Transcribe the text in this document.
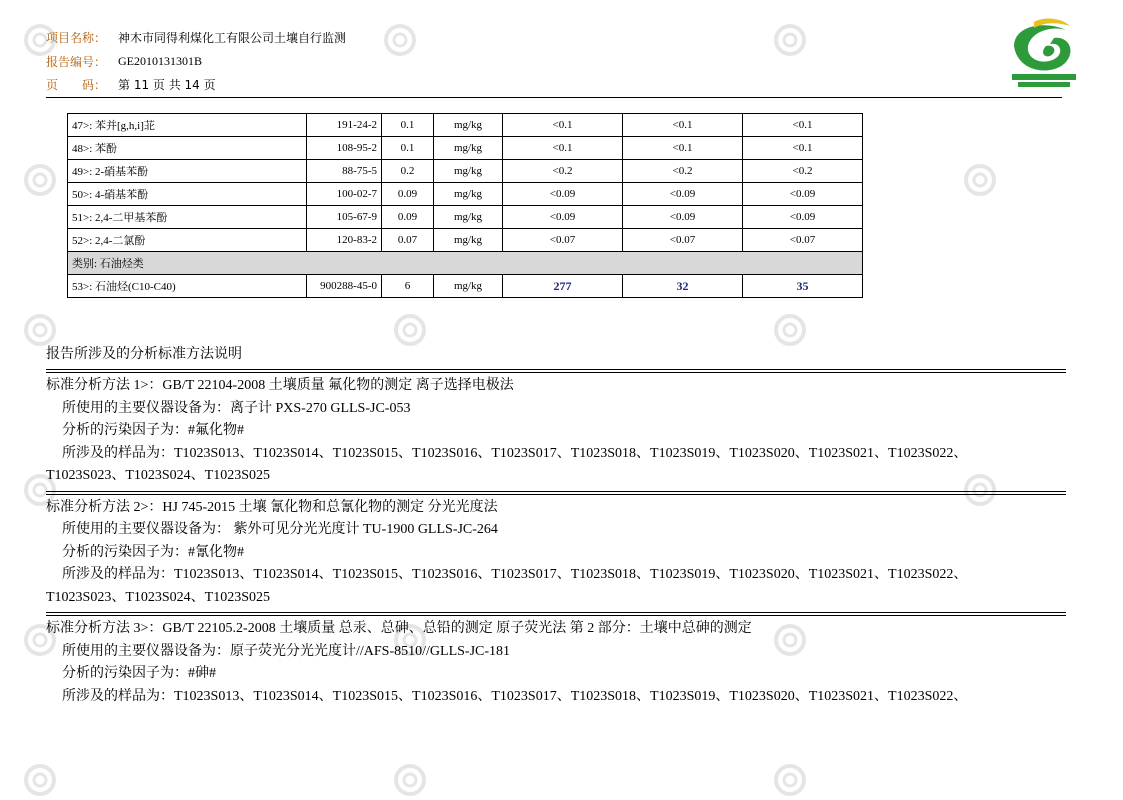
项目名称： 神木市同得利煤化工有限公司土壤自行监测
报告编号： GE2010131301B
页　　码： 第 11 页 共 14 页
47>: 苯并[g,h,i]苝	191-24-2	0.1	mg/kg	<0.1	<0.1	<0.1
48>: 苯酚	108-95-2	0.1	mg/kg	<0.1	<0.1	<0.1
49>: 2-硝基苯酚	88-75-5	0.2	mg/kg	<0.2	<0.2	<0.2
50>: 4-硝基苯酚	100-02-7	0.09	mg/kg	<0.09	<0.09	<0.09
51>: 2,4-二甲基苯酚	105-67-9	0.09	mg/kg	<0.09	<0.09	<0.09
52>: 2,4-二氯酚	120-83-2	0.07	mg/kg	<0.07	<0.07	<0.07
类别: 石油烃类						
53>: 石油烃(C10-C40)	900288-45-0	6	mg/kg	277	32	35
报告所涉及的分析标准方法说明
标准分析方法 1>：GB/T 22104-2008 土壤质量 氟化物的测定 离子选择电极法
所使用的主要仪器设备为：离子计 PXS-270 GLLS-JC-053
分析的污染因子为：#氟化物#
所涉及的样品为：T1023S013、T1023S014、T1023S015、T1023S016、T1023S017、T1023S018、T1023S019、T1023S020、T1023S021、T1023S022、
T1023S023、T1023S024、T1023S025
标准分析方法 2>：HJ 745-2015 土壤 氰化物和总氰化物的测定 分光光度法
所使用的主要仪器设备为： 紫外可见分光光度计 TU-1900 GLLS-JC-264
分析的污染因子为：#氰化物#
所涉及的样品为：T1023S013、T1023S014、T1023S015、T1023S016、T1023S017、T1023S018、T1023S019、T1023S020、T1023S021、T1023S022、
T1023S023、T1023S024、T1023S025
标准分析方法 3>：GB/T 22105.2-2008 土壤质量 总汞、总砷、总铅的测定 原子荧光法 第 2 部分：土壤中总砷的测定
所使用的主要仪器设备为：原子荧光分光光度计//AFS-8510//GLLS-JC-181
分析的污染因子为：#砷#
所涉及的样品为：T1023S013、T1023S014、T1023S015、T1023S016、T1023S017、T1023S018、T1023S019、T1023S020、T1023S021、T1023S022、
